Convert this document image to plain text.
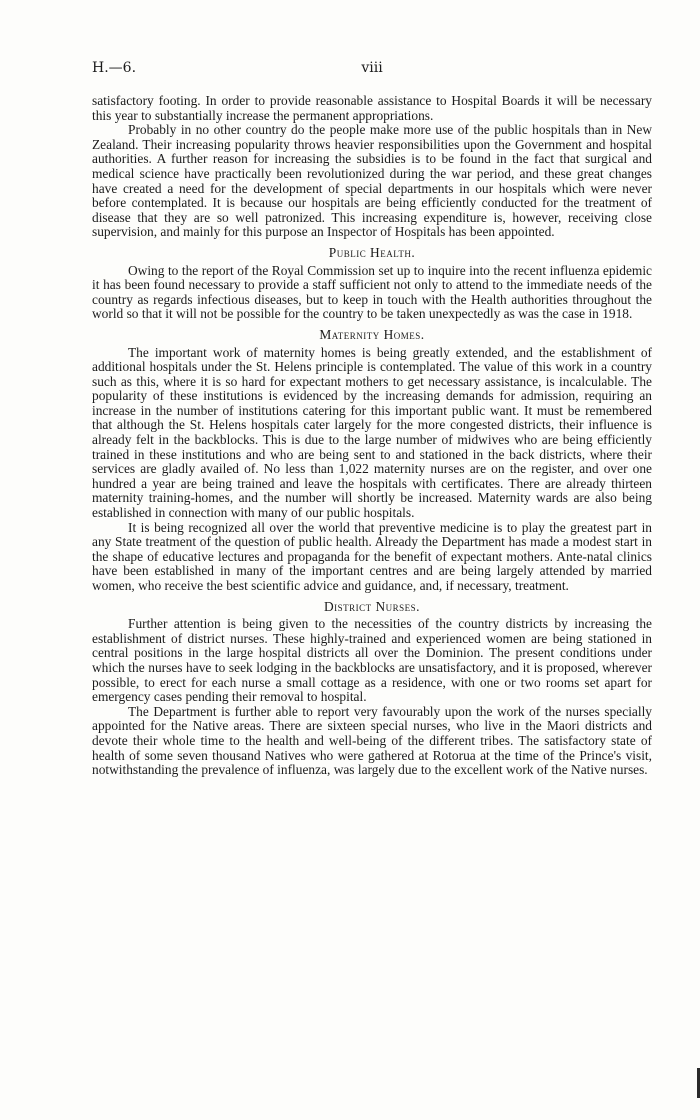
H.—6.	viii

satisfactory footing. In order to provide reasonable assistance to Hospital Boards it will be necessary this year to substantially increase the permanent appropriations.

Probably in no other country do the people make more use of the public hospitals than in New Zealand. Their increasing popularity throws heavier responsibilities upon the Government and hospital authorities. A further reason for increasing the subsidies is to be found in the fact that surgical and medical science have practically been revolutionized during the war period, and these great changes have created a need for the development of special departments in our hospitals which were never before contemplated. It is because our hospitals are being efficiently conducted for the treatment of disease that they are so well patronized. This increasing expenditure is, however, receiving close supervision, and mainly for this purpose an Inspector of Hospitals has been appointed.

Public Health.

Owing to the report of the Royal Commission set up to inquire into the recent influenza epidemic it has been found necessary to provide a staff sufficient not only to attend to the immediate needs of the country as regards infectious diseases, but to keep in touch with the Health authorities throughout the world so that it will not be possible for the country to be taken unexpectedly as was the case in 1918.

Maternity Homes.

The important work of maternity homes is being greatly extended, and the establishment of additional hospitals under the St. Helens principle is contemplated. The value of this work in a country such as this, where it is so hard for expectant mothers to get necessary assistance, is incalculable. The popularity of these institutions is evidenced by the increasing demands for admission, requiring an increase in the number of institutions catering for this important public want. It must be remembered that although the St. Helens hospitals cater largely for the more congested districts, their influence is already felt in the backblocks. This is due to the large number of midwives who are being efficiently trained in these institutions and who are being sent to and stationed in the back districts, where their services are gladly availed of. No less than 1,022 maternity nurses are on the register, and over one hundred a year are being trained and leave the hospitals with certificates. There are already thirteen maternity training-homes, and the number will shortly be increased. Maternity wards are also being established in connection with many of our public hospitals.

It is being recognized all over the world that preventive medicine is to play the greatest part in any State treatment of the question of public health. Already the Department has made a modest start in the shape of educative lectures and propaganda for the benefit of expectant mothers. Ante-natal clinics have been established in many of the important centres and are being largely attended by married women, who receive the best scientific advice and guidance, and, if necessary, treatment.

District Nurses.

Further attention is being given to the necessities of the country districts by increasing the establishment of district nurses. These highly-trained and experienced women are being stationed in central positions in the large hospital districts all over the Dominion. The present conditions under which the nurses have to seek lodging in the backblocks are unsatisfactory, and it is proposed, wherever possible, to erect for each nurse a small cottage as a residence, with one or two rooms set apart for emergency cases pending their removal to hospital.

The Department is further able to report very favourably upon the work of the nurses specially appointed for the Native areas. There are sixteen special nurses, who live in the Maori districts and devote their whole time to the health and well-being of the different tribes. The satisfactory state of health of some seven thousand Natives who were gathered at Rotorua at the time of the Prince's visit, notwithstanding the prevalence of influenza, was largely due to the excellent work of the Native nurses.
